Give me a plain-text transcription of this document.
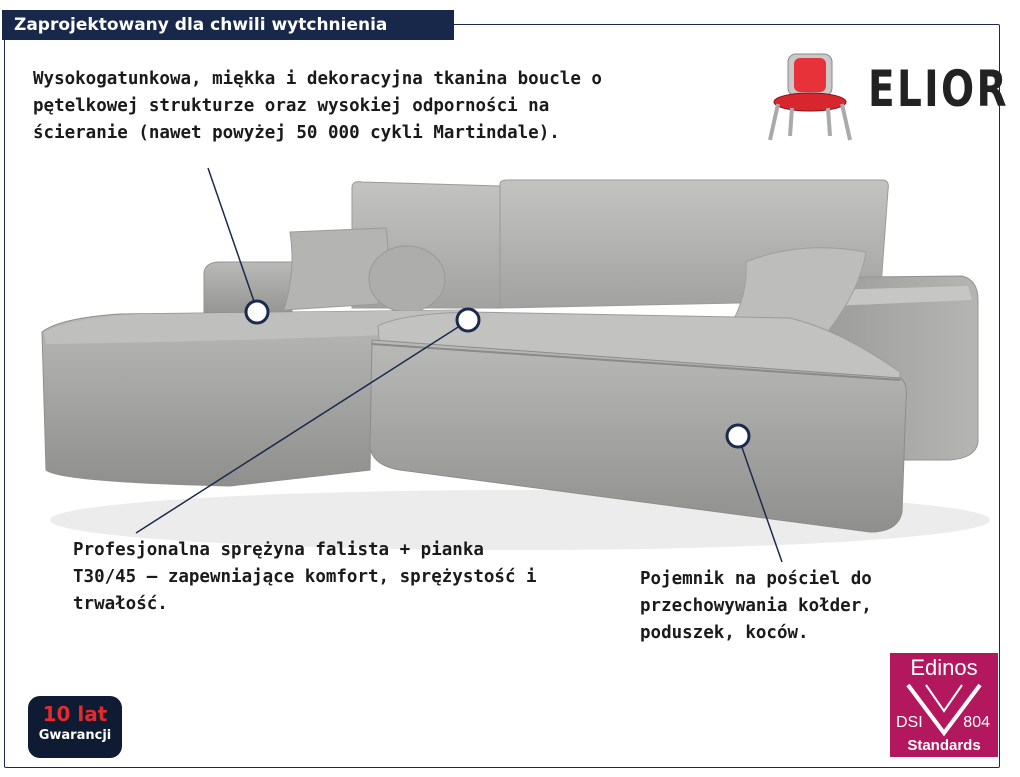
Zaprojektowany dla chwili wytchnienia
ELIOR

Wysokogatunkowa, miękka i dekoracyjna tkanina boucle o pętelkowej strukturze oraz wysokiej odporności na ścieranie (nawet powyżej 50 000 cykli Martindale).

Profesjonalna sprężyna falista + pianka T30/45 – zapewniające komfort, sprężystość i trwałość.

Pojemnik na pościel do przechowywania kołder, poduszek, koców.

10 lat
Gwarancji
Edinos
DSI	804
Standards
